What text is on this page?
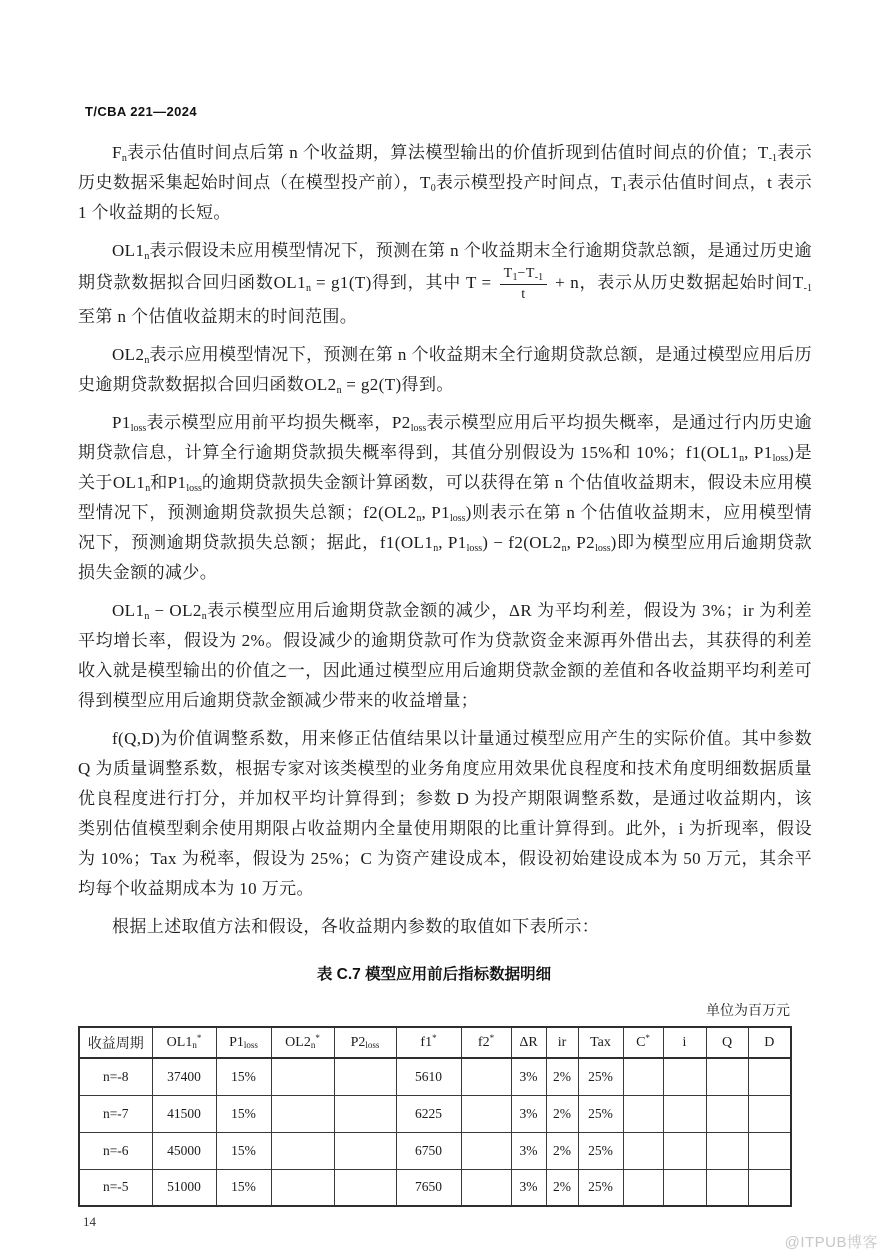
T/CBA 221—2024

$F_n$表示估值时间点后第 n 个收益期，算法模型输出的价值折现到估值时间点的价值；$T_{-1}$表示历史数据采集起始时间点（在模型投产前），$T_0$表示模型投产时间点，$T_1$表示估值时间点，t 表示 1 个收益期的长短。

$OL1_n$表示假设未应用模型情况下，预测在第 n 个收益期末全行逾期贷款总额，是通过历史逾期贷款数据拟合回归函数$OL1_n = g1(T)$得到，其中 $T = \frac{T_1-T_{-1}}{t} + n$，表示从历史数据起始时间$T_{-1}$至第 n 个估值收益期末的时间范围。

$OL2_n$表示应用模型情况下，预测在第 n 个收益期末全行逾期贷款总额，是通过模型应用后历史逾期贷款数据拟合回归函数$OL2_n = g2(T)$得到。

$P1_{loss}$表示模型应用前平均损失概率，$P2_{loss}$表示模型应用后平均损失概率，是通过行内历史逾期贷款信息，计算全行逾期贷款损失概率得到，其值分别假设为 15%和 10%；$f1(OL1_n$, $P1_{loss}$)是关于$OL1_n$和$P1_{loss}$的逾期贷款损失金额计算函数，可以获得在第 n 个估值收益期末，假设未应用模型情况下，预测逾期贷款损失总额；$f2(OL2_n$, $P1_{loss}$)则表示在第 n 个估值收益期末，应用模型情况下，预测逾期贷款损失总额；据此，$f1(OL1_n$, $P1_{loss}) - f2(OL2_n$, $P2_{loss}$)即为模型应用后逾期贷款损失金额的减少。

$OL1_n - OL2_n$表示模型应用后逾期贷款金额的减少，ΔR 为平均利差，假设为 3%；ir 为利差平均增长率，假设为 2%。假设减少的逾期贷款可作为贷款资金来源再外借出去，其获得的利差收入就是模型输出的价值之一，因此通过模型应用后逾期贷款金额的差值和各收益期平均利差可得到模型应用后逾期贷款金额减少带来的收益增量；

f(Q,D)为价值调整系数，用来修正估值结果以计量通过模型应用产生的实际价值。其中参数 Q 为质量调整系数，根据专家对该类模型的业务角度应用效果优良程度和技术角度明细数据质量优良程度进行打分，并加权平均计算得到；参数 D 为投产期限调整系数，是通过收益期内，该类别估值模型剩余使用期限占收益期内全量使用期限的比重计算得到。此外，i 为折现率，假设为 10%；Tax 为税率，假设为 25%；C 为资产建设成本，假设初始建设成本为 50 万元，其余平均每个收益期成本为 10 万元。

根据上述取值方法和假设，各收益期内参数的取值如下表所示：

表 C.7 模型应用前后指标数据明细
单位为百万元
收益周期	$OL1_n^*$	$P1_{loss}$	$OL2_n^*$	$P2_{loss}$	f1*	f2*	ΔR	ir	Tax	C*	i	Q	D
n=-8	37400	15%			5610		3%	2%	25%				
n=-7	41500	15%			6225		3%	2%	25%				
n=-6	45000	15%			6750		3%	2%	25%				
n=-5	51000	15%			7650		3%	2%	25%				
14
@ITPUB博客
